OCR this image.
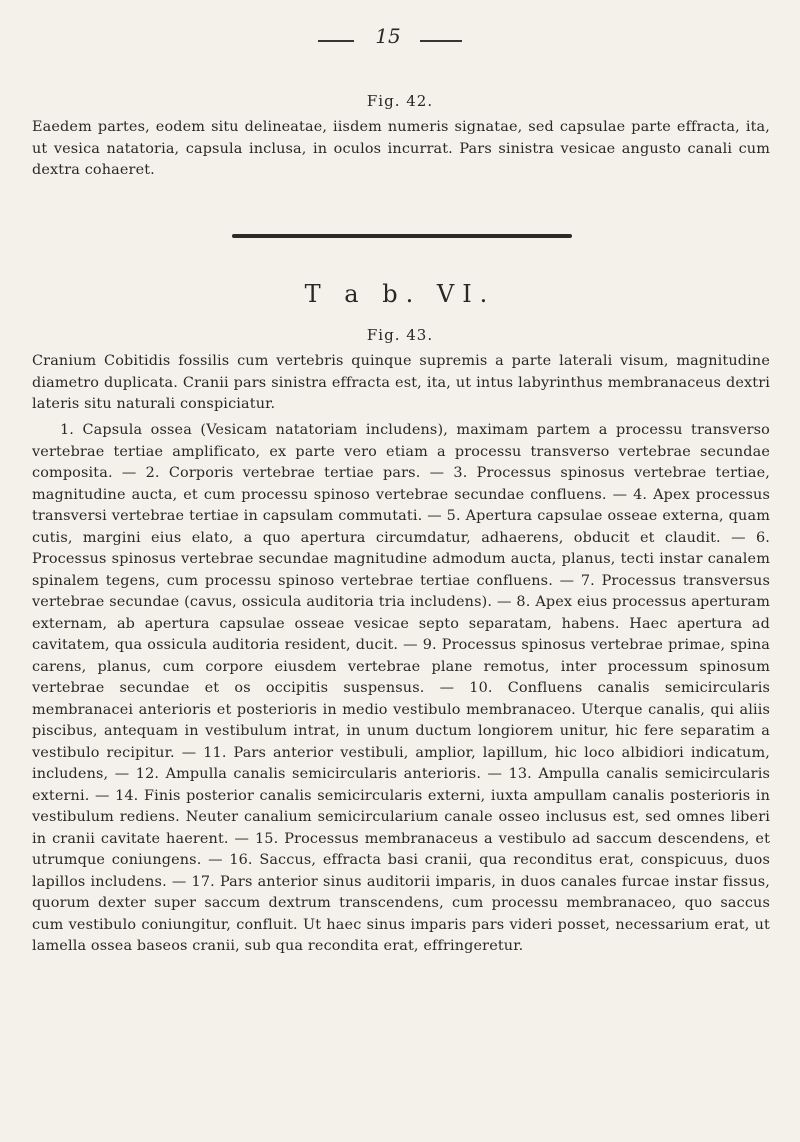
15
Fig. 42.
Eaedem partes, eodem situ delineatae, iisdem numeris signatae, sed capsulae parte effracta, ita, ut vesica natatoria, capsula inclusa, in oculos incurrat. Pars sinistra vesicae angusto canali cum dextra cohaeret.
T a b. VI.
Fig. 43.
Cranium Cobitidis fossilis cum vertebris quinque supremis a parte laterali visum, magnitudine diametro duplicata. Cranii pars sinistra effracta est, ita, ut intus labyrinthus membranaceus dextri lateris situ naturali conspiciatur.
1. Capsula ossea (Vesicam natatoriam includens), maximam partem a processu transverso vertebrae tertiae amplificato, ex parte vero etiam a processu transverso vertebrae secundae composita. — 2. Corporis vertebrae tertiae pars. — 3. Processus spinosus vertebrae tertiae, magnitudine aucta, et cum processu spinoso vertebrae secundae confluens. — 4. Apex processus transversi vertebrae tertiae in capsulam commutati. — 5. Apertura capsulae osseae externa, quam cutis, margini eius elato, a quo apertura circumdatur, adhaerens, obducit et claudit. — 6. Processus spinosus vertebrae secundae magnitudine admodum aucta, planus, tecti instar canalem spinalem tegens, cum processu spinoso vertebrae tertiae confluens. — 7. Processus transversus vertebrae secundae (cavus, ossicula auditoria tria includens). — 8. Apex eius processus aperturam externam, ab apertura capsulae osseae vesicae septo separatam, habens. Haec apertura ad cavitatem, qua ossicula auditoria resident, ducit. — 9. Processus spinosus vertebrae primae, spina carens, planus, cum corpore eiusdem vertebrae plane remotus, inter processum spinosum vertebrae secundae et os occipitis suspensus. — 10. Confluens canalis semicircularis membranacei anterioris et posterioris in medio vestibulo membranaceo. Uterque canalis, qui aliis piscibus, antequam in vestibulum intrat, in unum ductum longiorem unitur, hic fere separatim a vestibulo recipitur. — 11. Pars anterior vestibuli, amplior, lapillum, hic loco albidiori indicatum, includens, — 12. Ampulla canalis semicircularis anterioris. — 13. Ampulla canalis semicircularis externi. — 14. Finis posterior canalis semicircularis externi, iuxta ampullam canalis posterioris in vestibulum rediens. Neuter canalium semicircularium canale osseo inclusus est, sed omnes liberi in cranii cavitate haerent. — 15. Processus membranaceus a vestibulo ad saccum descendens, et utrumque coniungens. — 16. Saccus, effracta basi cranii, qua reconditus erat, conspicuus, duos lapillos includens. — 17. Pars anterior sinus auditorii imparis, in duos canales furcae instar fissus, quorum dexter super saccum dextrum transcendens, cum processu membranaceo, quo saccus cum vestibulo coniungitur, confluit. Ut haec sinus imparis pars videri posset, necessarium erat, ut lamella ossea baseos cranii, sub qua recondita erat, effringeretur.
